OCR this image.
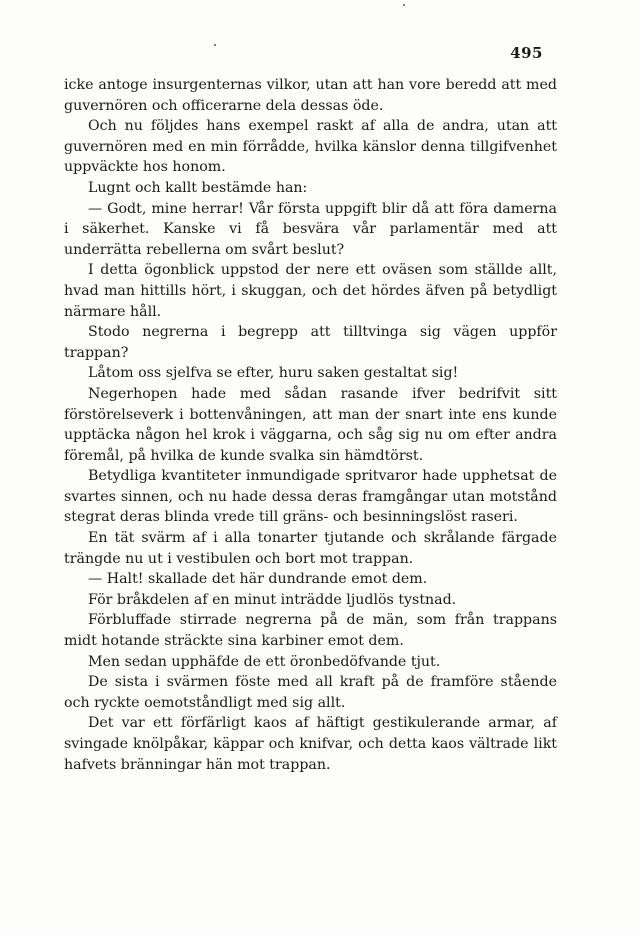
495

icke antoge insurgenternas vilkor, utan att han vore beredd att med guvernören och officerarne dela dessas öde.

Och nu följdes hans exempel raskt af alla de andra, utan att guvernören med en min förrådde, hvilka känslor denna tillgifvenhet uppväckte hos honom.

Lugnt och kallt bestämde han:

— Godt, mine herrar! Vår första uppgift blir då att föra damerna i säkerhet. Kanske vi få besvära vår parlamentär med att underrätta rebellerna om svårt beslut?

I detta ögonblick uppstod der nere ett oväsen som ställde allt, hvad man hittills hört, i skuggan, och det hördes äfven på betydligt närmare håll.

Stodo negrerna i begrepp att tilltvinga sig vägen uppför trappan?

Låtom oss sjelfva se efter, huru saken gestaltat sig!

Negerhopen hade med sådan rasande ifver bedrifvit sitt förstörelseverk i bottenvåningen, att man der snart inte ens kunde upptäcka någon hel krok i väggarna, och såg sig nu om efter andra föremål, på hvilka de kunde svalka sin hämdtörst.

Betydliga kvantiteter inmundigade spritvaror hade upphetsat de svartes sinnen, och nu hade dessa deras framgångar utan motstånd stegrat deras blinda vrede till gräns- och besinningslöst raseri.

En tät svärm af i alla tonarter tjutande och skrålande färgade trängde nu ut i vestibulen och bort mot trappan.

— Halt! skallade det här dundrande emot dem.

För bråkdelen af en minut inträdde ljudlös tystnad.

Förbluffade stirrade negrerna på de män, som från trappans midt hotande sträckte sina karbiner emot dem.

Men sedan upphäfde de ett öronbedöfvande tjut.

De sista i svärmen föste med all kraft på de framföre stående och ryckte oemotståndligt med sig allt.

Det var ett förfärligt kaos af häftigt gestikulerande armar, af svingade knölpåkar, käppar och knifvar, och detta kaos vältrade likt hafvets bränningar hän mot trappan.
